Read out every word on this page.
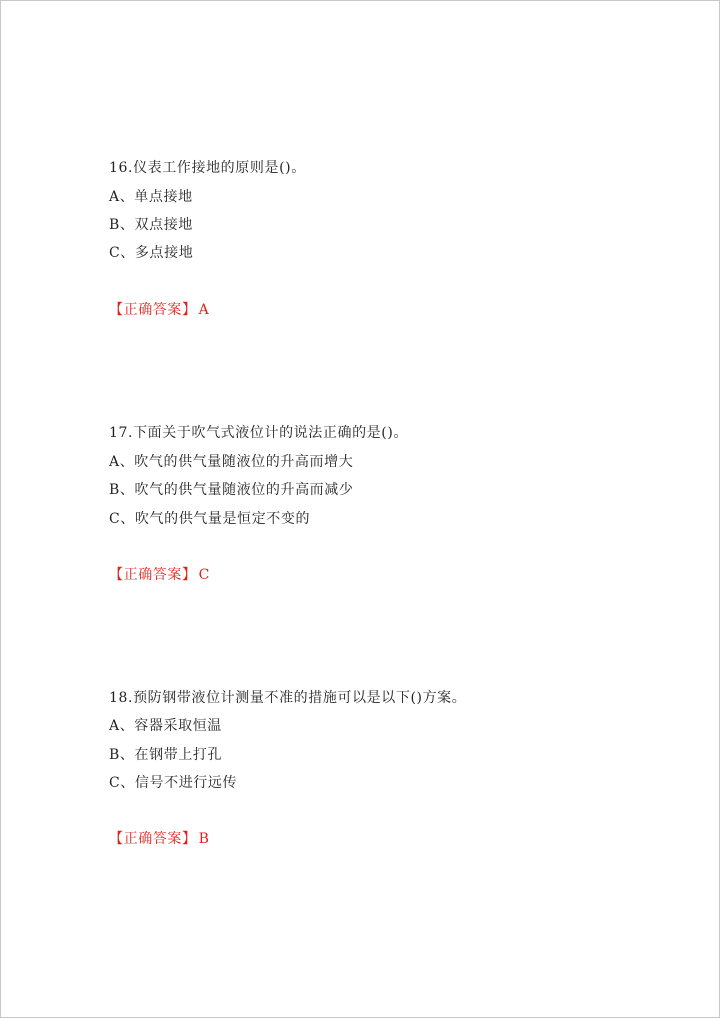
16.仪表工作接地的原则是()。
A、单点接地
B、双点接地
C、多点接地
【正确答案】 A
17.下面关于吹气式液位计的说法正确的是()。
A、吹气的供气量随液位的升高而增大
B、吹气的供气量随液位的升高而减少
C、吹气的供气量是恒定不变的
【正确答案】 C
18.预防钢带液位计测量不准的措施可以是以下()方案。
A、容器采取恒温
B、在钢带上打孔
C、信号不进行远传
【正确答案】 B
